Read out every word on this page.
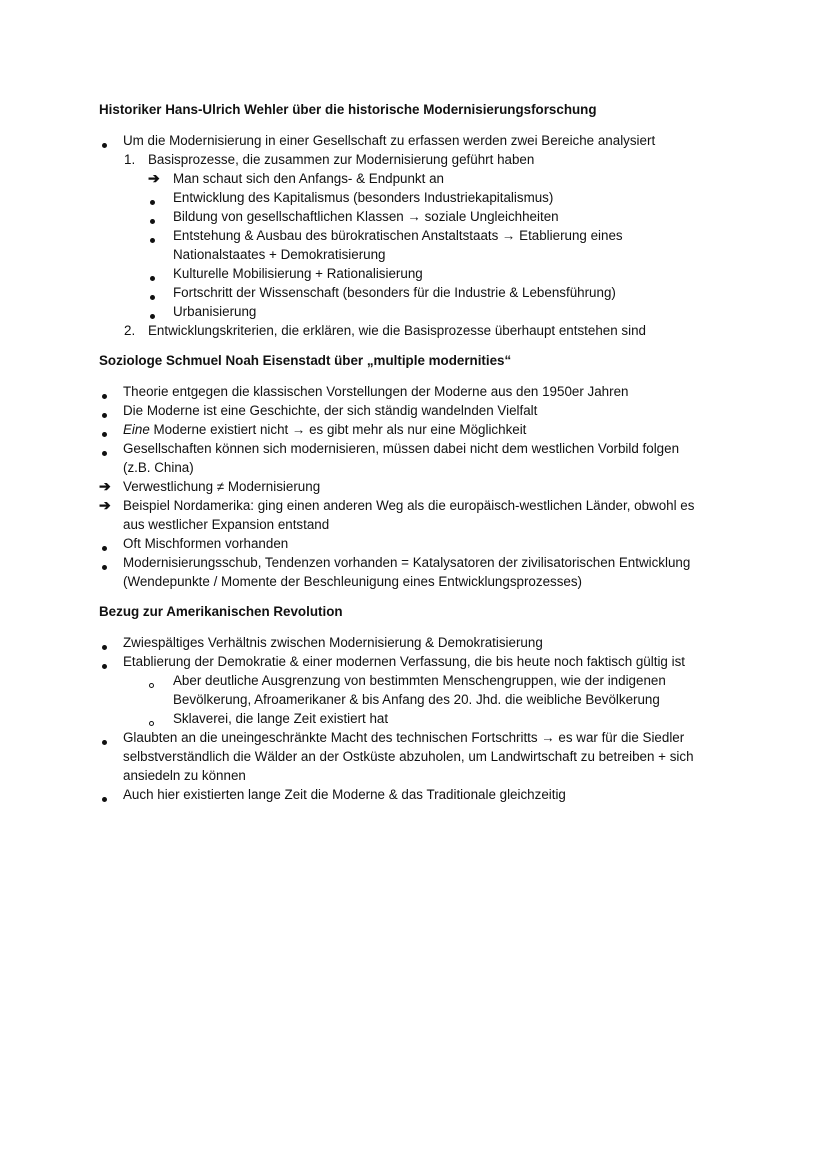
Historiker Hans-Ulrich Wehler über die historische Modernisierungsforschung
Um die Modernisierung in einer Gesellschaft zu erfassen werden zwei Bereiche analysiert
1. Basisprozesse, die zusammen zur Modernisierung geführt haben
➔ Man schaut sich den Anfangs- & Endpunkt an
Entwicklung des Kapitalismus (besonders Industriekapitalismus)
Bildung von gesellschaftlichen Klassen → soziale Ungleichheiten
Entstehung & Ausbau des bürokratischen Anstaltstaats → Etablierung eines
Nationalstaates + Demokratisierung
Kulturelle Mobilisierung + Rationalisierung
Fortschritt der Wissenschaft (besonders für die Industrie & Lebensführung)
Urbanisierung
2. Entwicklungskriterien, die erklären, wie die Basisprozesse überhaupt entstehen sind
Soziologe Schmuel Noah Eisenstadt über „multiple modernities“
Theorie entgegen die klassischen Vorstellungen der Moderne aus den 1950er Jahren
Die Moderne ist eine Geschichte, der sich ständig wandelnden Vielfalt
Eine Moderne existiert nicht → es gibt mehr als nur eine Möglichkeit
Gesellschaften können sich modernisieren, müssen dabei nicht dem westlichen Vorbild folgen
(z.B. China)
➔ Verwestlichung ≠ Modernisierung
➔ Beispiel Nordamerika: ging einen anderen Weg als die europäisch-westlichen Länder, obwohl es
aus westlicher Expansion entstand
Oft Mischformen vorhanden
Modernisierungsschub, Tendenzen vorhanden = Katalysatoren der zivilisatorischen Entwicklung
(Wendepunkte / Momente der Beschleunigung eines Entwicklungsprozesses)
Bezug zur Amerikanischen Revolution
Zwiespältiges Verhältnis zwischen Modernisierung & Demokratisierung
Etablierung der Demokratie & einer modernen Verfassung, die bis heute noch faktisch gültig ist
Aber deutliche Ausgrenzung von bestimmten Menschengruppen, wie der indigenen
Bevölkerung, Afroamerikaner & bis Anfang des 20. Jhd. die weibliche Bevölkerung
Sklaverei, die lange Zeit existiert hat
Glaubten an die uneingeschränkte Macht des technischen Fortschritts → es war für die Siedler
selbstverständlich die Wälder an der Ostküste abzuholen, um Landwirtschaft zu betreiben + sich
ansiedeln zu können
Auch hier existierten lange Zeit die Moderne & das Traditionale gleichzeitig
